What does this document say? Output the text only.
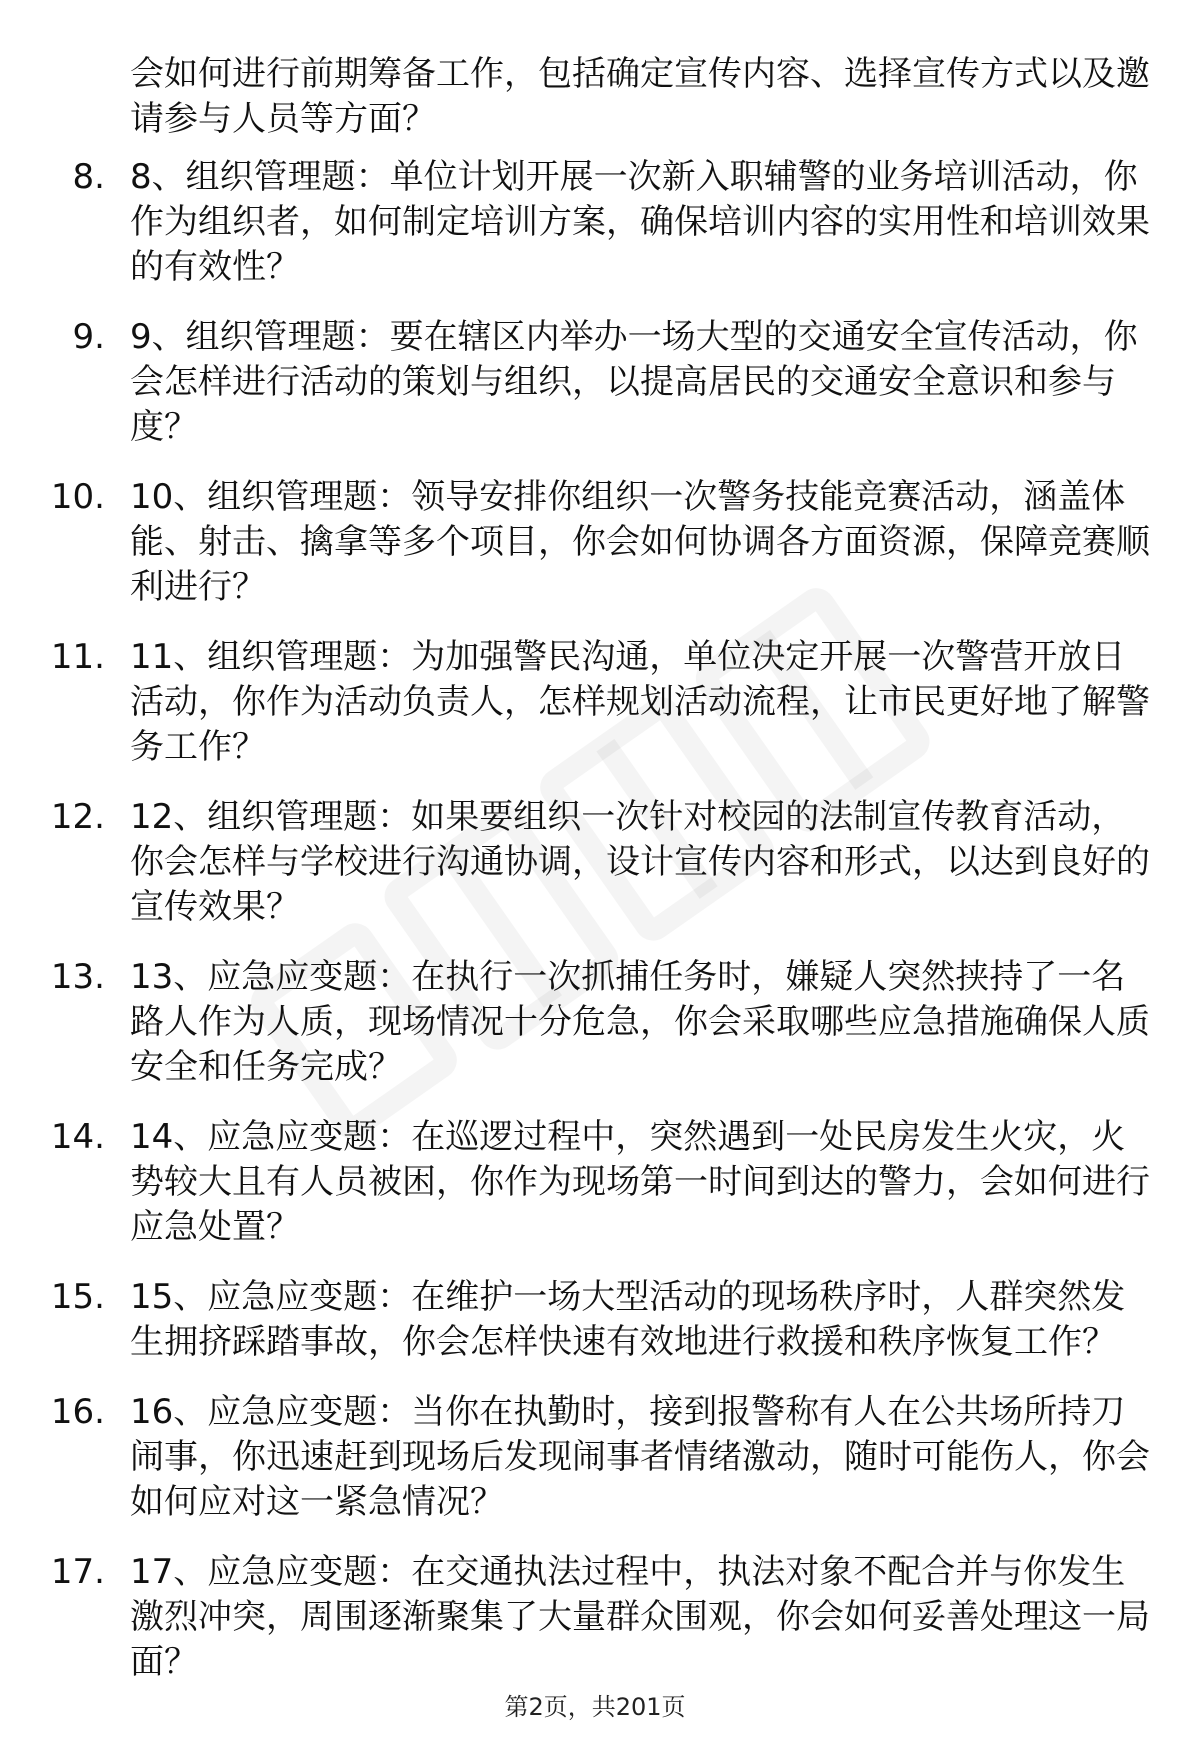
会如何进行前期筹备工作，包括确定宣传内容、选择宣传方式以及邀请参与人员等方面？
8. 8、组织管理题：单位计划开展一次新入职辅警的业务培训活动，你作为组织者，如何制定培训方案，确保培训内容的实用性和培训效果的有效性？
9. 9、组织管理题：要在辖区内举办一场大型的交通安全宣传活动，你会怎样进行活动的策划与组织，以提高居民的交通安全意识和参与度？
10. 10、组织管理题：领导安排你组织一次警务技能竞赛活动，涵盖体能、射击、擒拿等多个项目，你会如何协调各方面资源，保障竞赛顺利进行？
11. 11、组织管理题：为加强警民沟通，单位决定开展一次警营开放日活动，你作为活动负责人，怎样规划活动流程，让市民更好地了解警务工作？
12. 12、组织管理题：如果要组织一次针对校园的法制宣传教育活动，你会怎样与学校进行沟通协调，设计宣传内容和形式，以达到良好的宣传效果？
13. 13、应急应变题：在执行一次抓捕任务时，嫌疑人突然挟持了一名路人作为人质，现场情况十分危急，你会采取哪些应急措施确保人质安全和任务完成？
14. 14、应急应变题：在巡逻过程中，突然遇到一处民房发生火灾，火势较大且有人员被困，你作为现场第一时间到达的警力，会如何进行应急处置？
15. 15、应急应变题：在维护一场大型活动的现场秩序时，人群突然发生拥挤踩踏事故，你会怎样快速有效地进行救援和秩序恢复工作？
16. 16、应急应变题：当你在执勤时，接到报警称有人在公共场所持刀闹事，你迅速赶到现场后发现闹事者情绪激动，随时可能伤人，你会如何应对这一紧急情况？
17. 17、应急应变题：在交通执法过程中，执法对象不配合并与你发生激烈冲突，周围逐渐聚集了大量群众围观，你会如何妥善处理这一局面？
第2页，共201页
